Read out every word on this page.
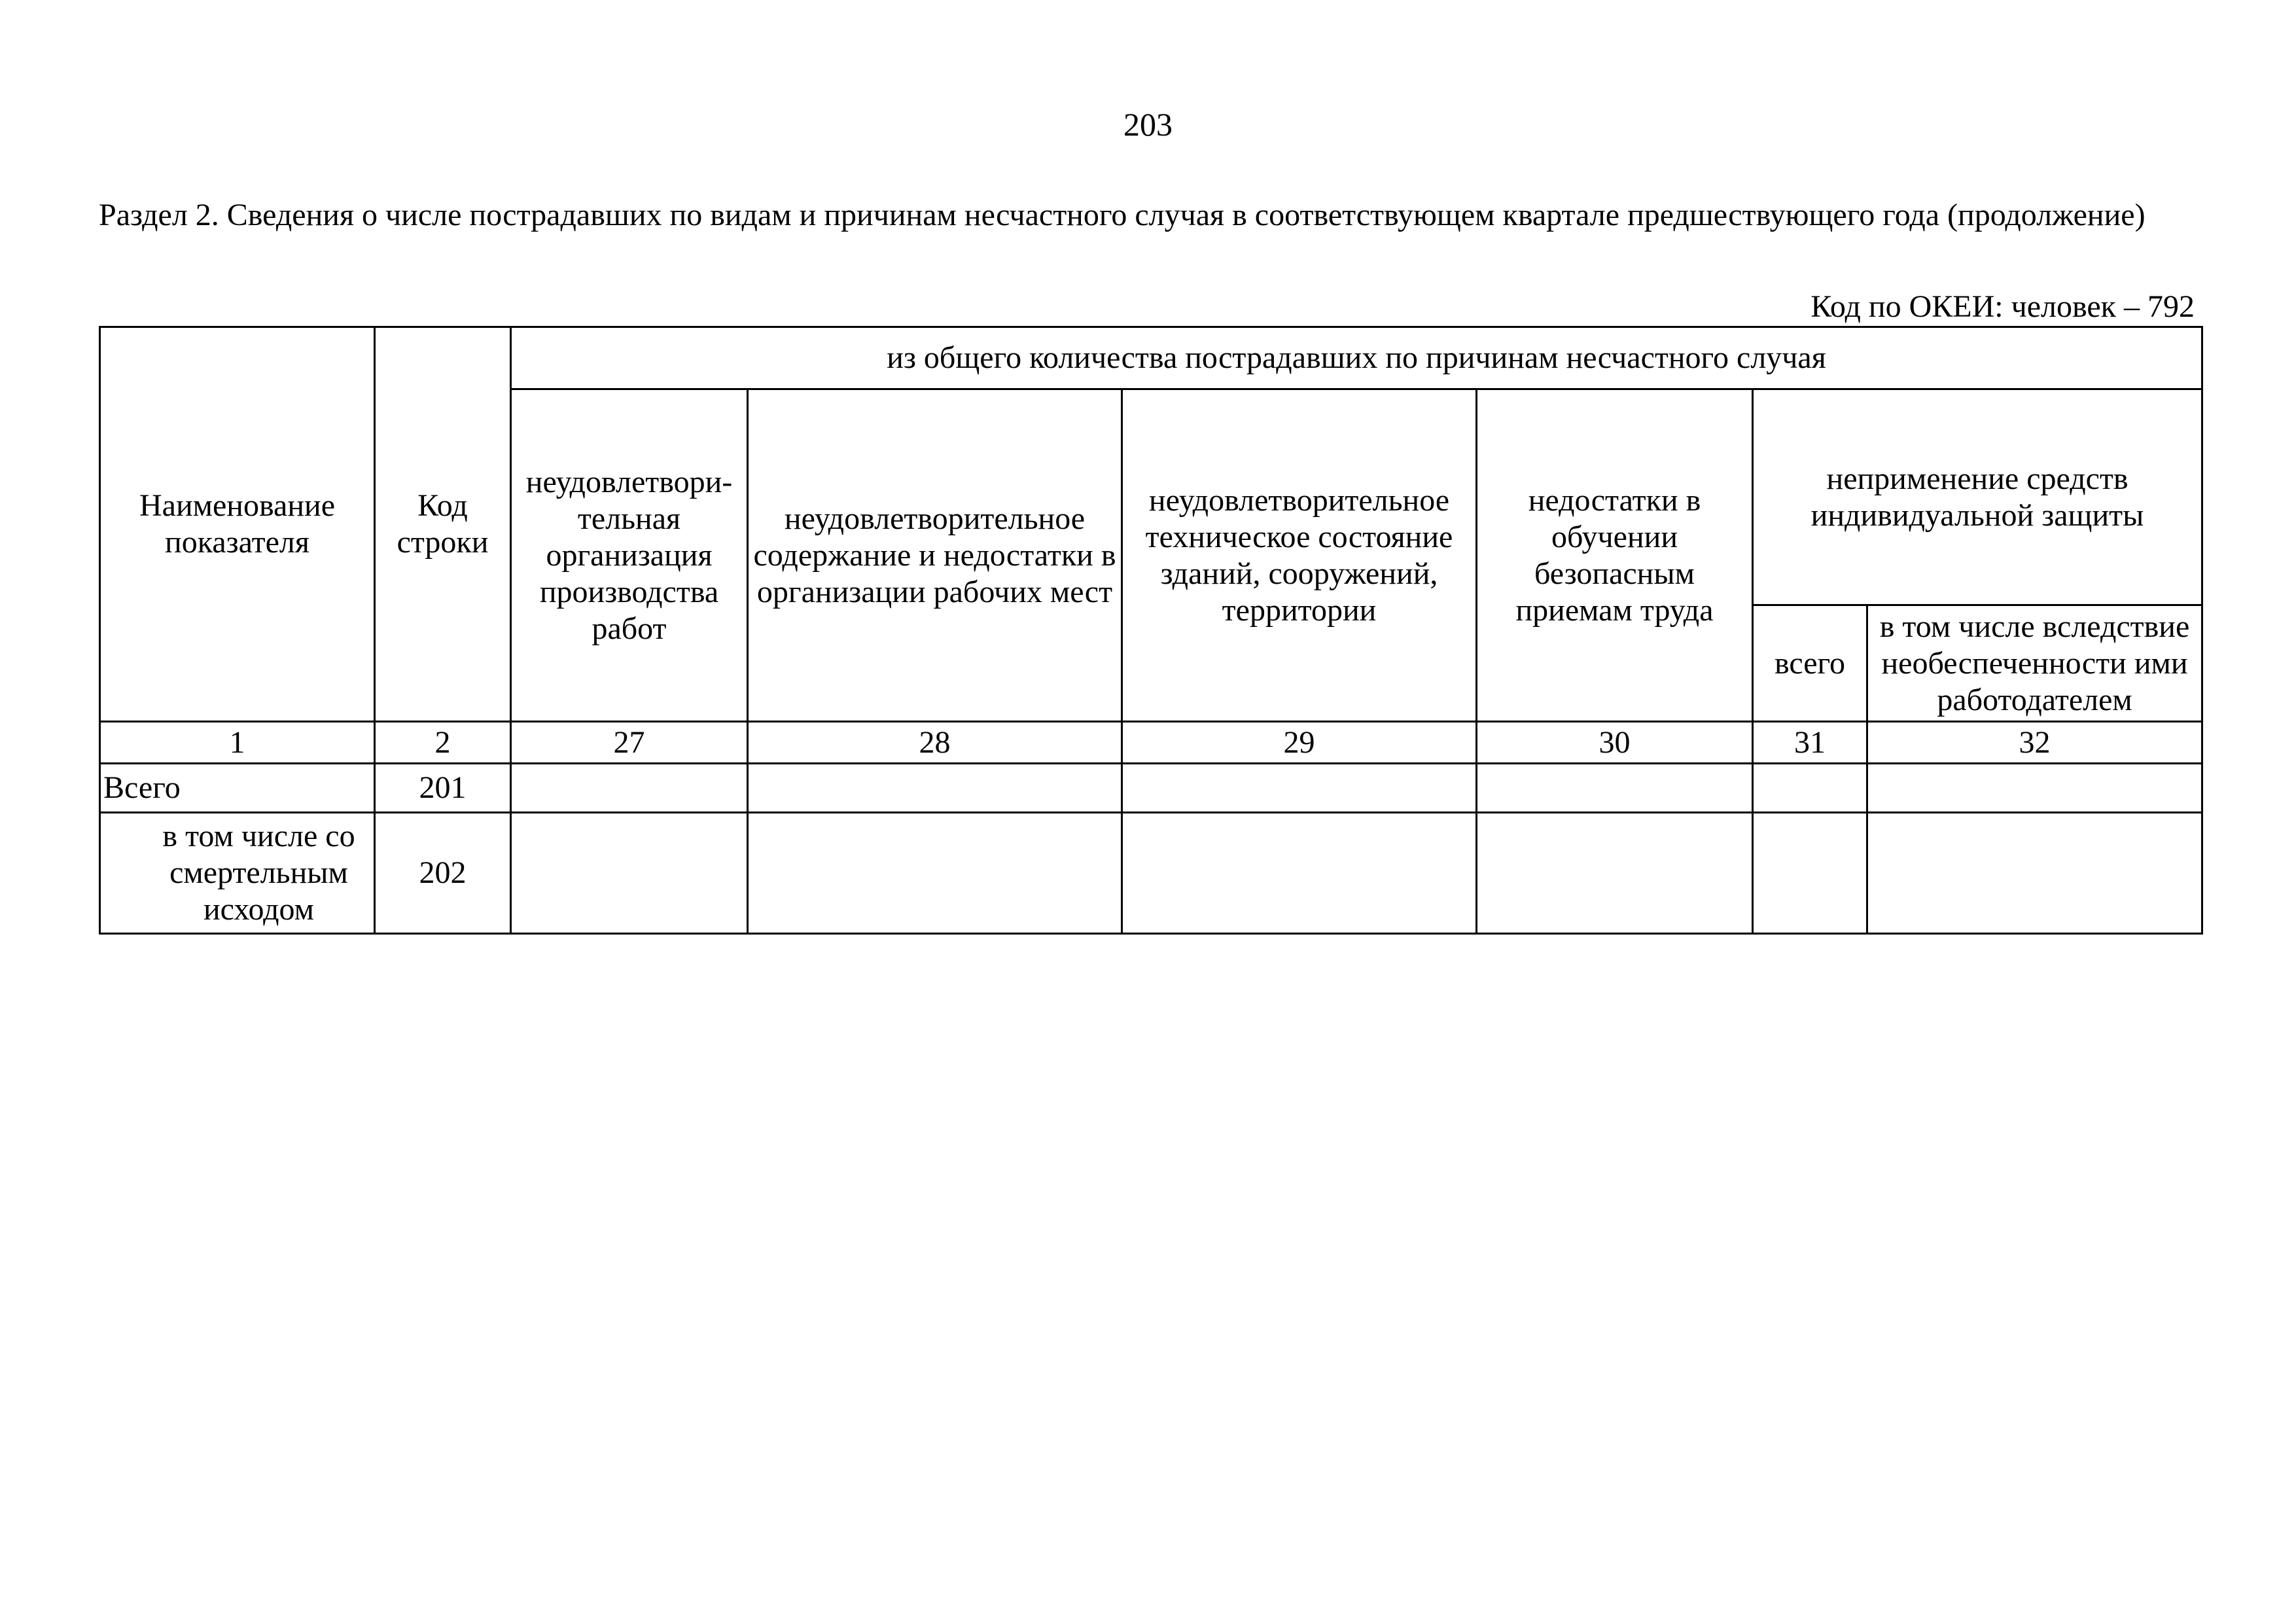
203
Раздел 2. Сведения о числе пострадавших по видам и причинам несчастного случая в соответствующем квартале предшествующего года (продолжение)
Код по ОКЕИ: человек – 792
Наименование показателя	Код строки	из общего количества пострадавших по причинам несчастного случая					
		неудовлетвори-тельная организация производства работ	неудовлетворительное содержание и недостатки в организации рабочих мест	неудовлетворительное техническое состояние зданий, сооружений, территории	недостатки в обучении безопасным приемам труда	неприменение средств индивидуальной защиты	
						всего	в том числе вследствие необеспеченности ими работодателем
1	2	27	28	29	30	31	32
Всего	201						
в том числе со смертельным исходом	202						
